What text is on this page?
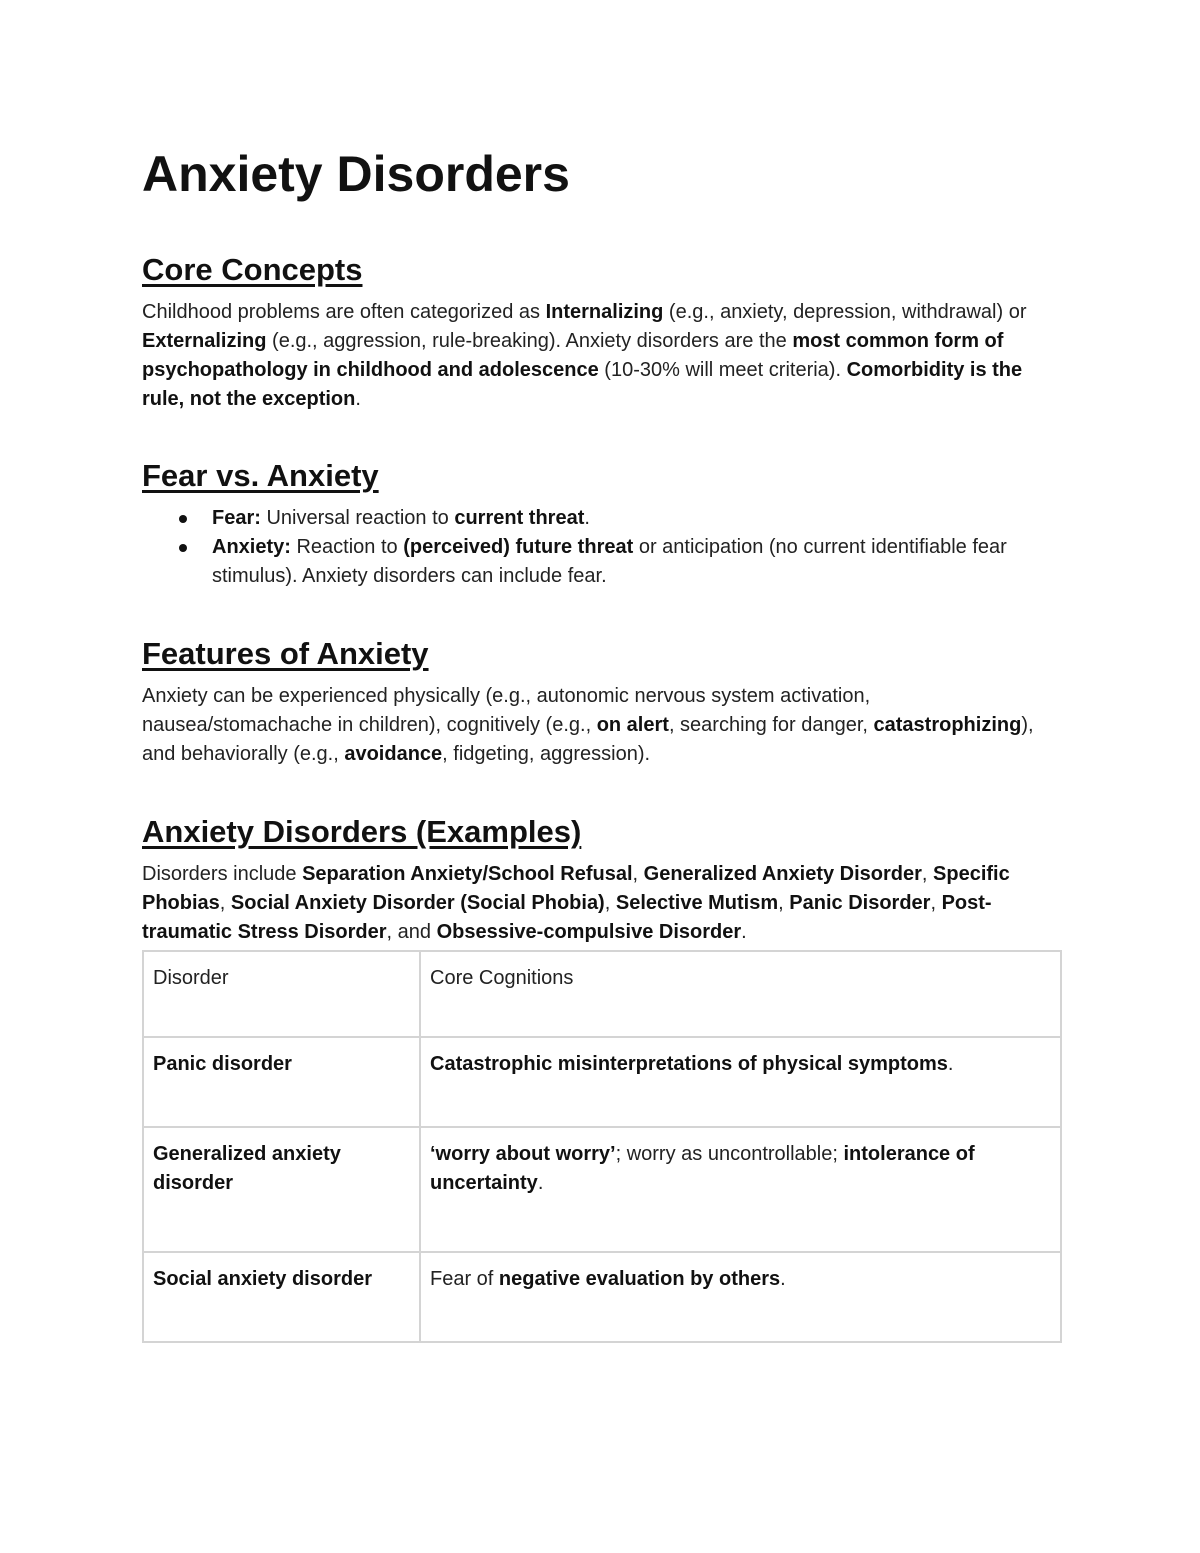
Anxiety Disorders
Core Concepts

Childhood problems are often categorized as Internalizing (e.g., anxiety, depression, withdrawal) or Externalizing (e.g., aggression, rule-breaking). Anxiety disorders are the most common form of psychopathology in childhood and adolescence (10-30% will meet criteria). Comorbidity is the rule, not the exception.

Fear vs. Anxiety
Fear: Universal reaction to current threat.
Anxiety: Reaction to (perceived) future threat or anticipation (no current identifiable fear stimulus). Anxiety disorders can include fear.
Features of Anxiety

Anxiety can be experienced physically (e.g., autonomic nervous system activation, nausea/stomachache in children), cognitively (e.g., on alert, searching for danger, catastrophizing), and behaviorally (e.g., avoidance, fidgeting, aggression).

Anxiety Disorders (Examples)

Disorders include Separation Anxiety/School Refusal, Generalized Anxiety Disorder, Specific Phobias, Social Anxiety Disorder (Social Phobia), Selective Mutism, Panic Disorder, Post-traumatic Stress Disorder, and Obsessive-compulsive Disorder.

Disorder	Core Cognitions
Panic disorder	Catastrophic misinterpretations of physical symptoms.
Generalized anxiety disorder	‘worry about worry’; worry as uncontrollable; intolerance of uncertainty.
Social anxiety disorder	Fear of negative evaluation by others.
